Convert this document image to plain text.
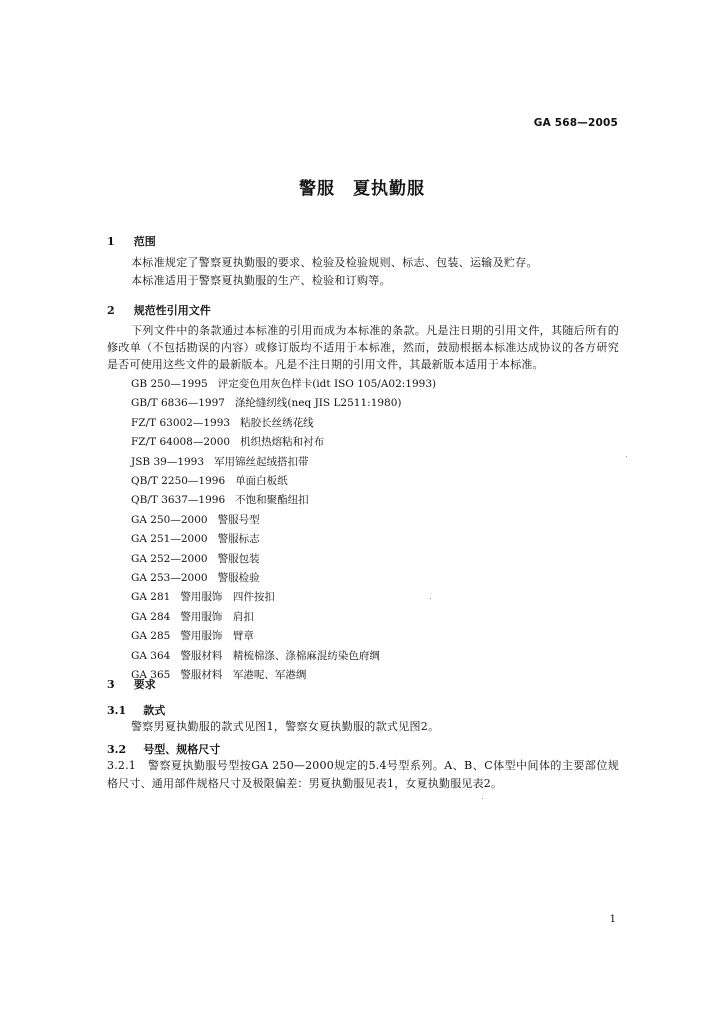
GA 568—2005
警服　夏执勤服
1 范围
本标准规定了警察夏执勤服的要求、检验及检验规则、标志、包装、运输及贮存。
本标准适用于警察夏执勤服的生产、检验和订购等。
2 规范性引用文件
下列文件中的条款通过本标准的引用而成为本标准的条款。凡是注日期的引用文件，其随后所有的修改单（不包括勘误的内容）或修订版均不适用于本标准，然而，鼓励根据本标准达成协议的各方研究是否可使用这些文件的最新版本。凡是不注日期的引用文件，其最新版本适用于本标准。
GB 250—1995 评定变色用灰色样卡(idt ISO 105/A02:1993)
GB/T 6836—1997 涤纶缝纫线(neq JIS L2511:1980)
FZ/T 63002—1993 粘胶长丝绣花线
FZ/T 64008—2000 机织热熔粘和衬布
JSB 39—1993 军用锦丝起绒搭扣带
QB/T 2250—1996 单面白板纸
QB/T 3637—1996 不饱和聚酯纽扣
GA 250—2000 警服号型
GA 251—2000 警服标志
GA 252—2000 警服包装
GA 253—2000 警服检验
GA 281 警用服饰　四件按扣
GA 284 警用服饰　肩扣
GA 285 警用服饰　臂章
GA 364 警服材料　精梳棉涤、涤棉麻混纺染色府绸
GA 365 警服材料　军港呢、军港绸
3 要求
3.1 款式
警察男夏执勤服的款式见图1，警察女夏执勤服的款式见图2。
3.2 号型、规格尺寸
3.2.1 警察夏执勤服号型按GA 250—2000规定的5.4号型系列。A、B、C体型中间体的主要部位规格尺寸、通用部件规格尺寸及极限偏差：男夏执勤服见表1，女夏执勤服见表2。
1
